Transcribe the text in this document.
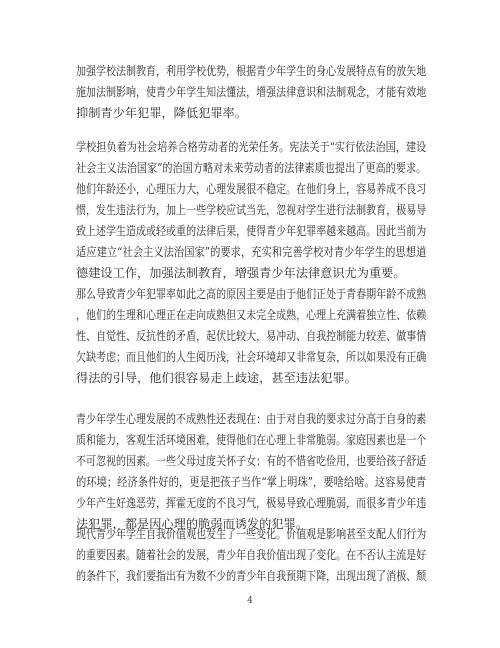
加强学校法制教育，利用学校优势，根据青少年学生的身心发展特点有的放矢地
施加法制影响，使青少年学生知法懂法，增强法律意识和法制观念，才能有效地
抑制青少年犯罪，降低犯罪率。
学校担负着为社会培养合格劳动者的光荣任务。宪法关于“实行依法治国，建设
社会主义法治国家”的治国方略对未来劳动者的法律素质也提出了更高的要求。
他们年龄还小，心理压力大，心理发展很不稳定。在他们身上，容易养成不良习
惯，发生违法行为，加上一些学校应试当先，忽视对学生进行法制教育，极易导
致上述学生造成或轻或重的法律后果，使得青少年犯罪率越来越高。因此当前为
适应建立“社会主义法治国家”的要求，充实和完善学校对青少年学生的思想道
德建设工作，加强法制教育，增强青少年法律意识尤为重要。
那么导致青少年犯罪率如此之高的原因主要是由于他们正处于青春期年龄不成熟
，他们的生理和心理正在走向成熟但又未完全成熟，心理上充满着独立性、依赖
性、自觉性、反抗性的矛盾，起伏比较大，易冲动、自我控制能力较差、做事情
欠缺考虑；而且他们的人生阅历浅，社会环境却又非常复杂，所以如果没有正确
得法的引导，他们很容易走上歧途，甚至违法犯罪。
青少年学生心理发展的不成熟性还表现在：由于对自我的要求过分高于自身的素
质和能力，客观生活环境困难，使得他们在心理上非常脆弱。家庭因素也是一个
不可忽视的因素。一些父母过度关怀子女：有的不惜省吃俭用，也要给孩子舒适
的环境；经济条件好的，更是把孩子当作“掌上明珠”，要啥给啥。这容易使青
少年产生好逸恶劳，挥霍无度的不良习气，极易导致心理脆弱，而很多青少年违
法犯罪，都是因心理的脆弱而诱发的犯罪。
现代青少年学生自我价值观也发生了一些变化。价值观是影响甚至支配人们行为
的重要因素。随着社会的发展，青少年自我价值出现了变化。在不否认主流是好
的条件下，我们要指出有为数不少的青少年自我预期下降，出现出现了消极、颓
4
